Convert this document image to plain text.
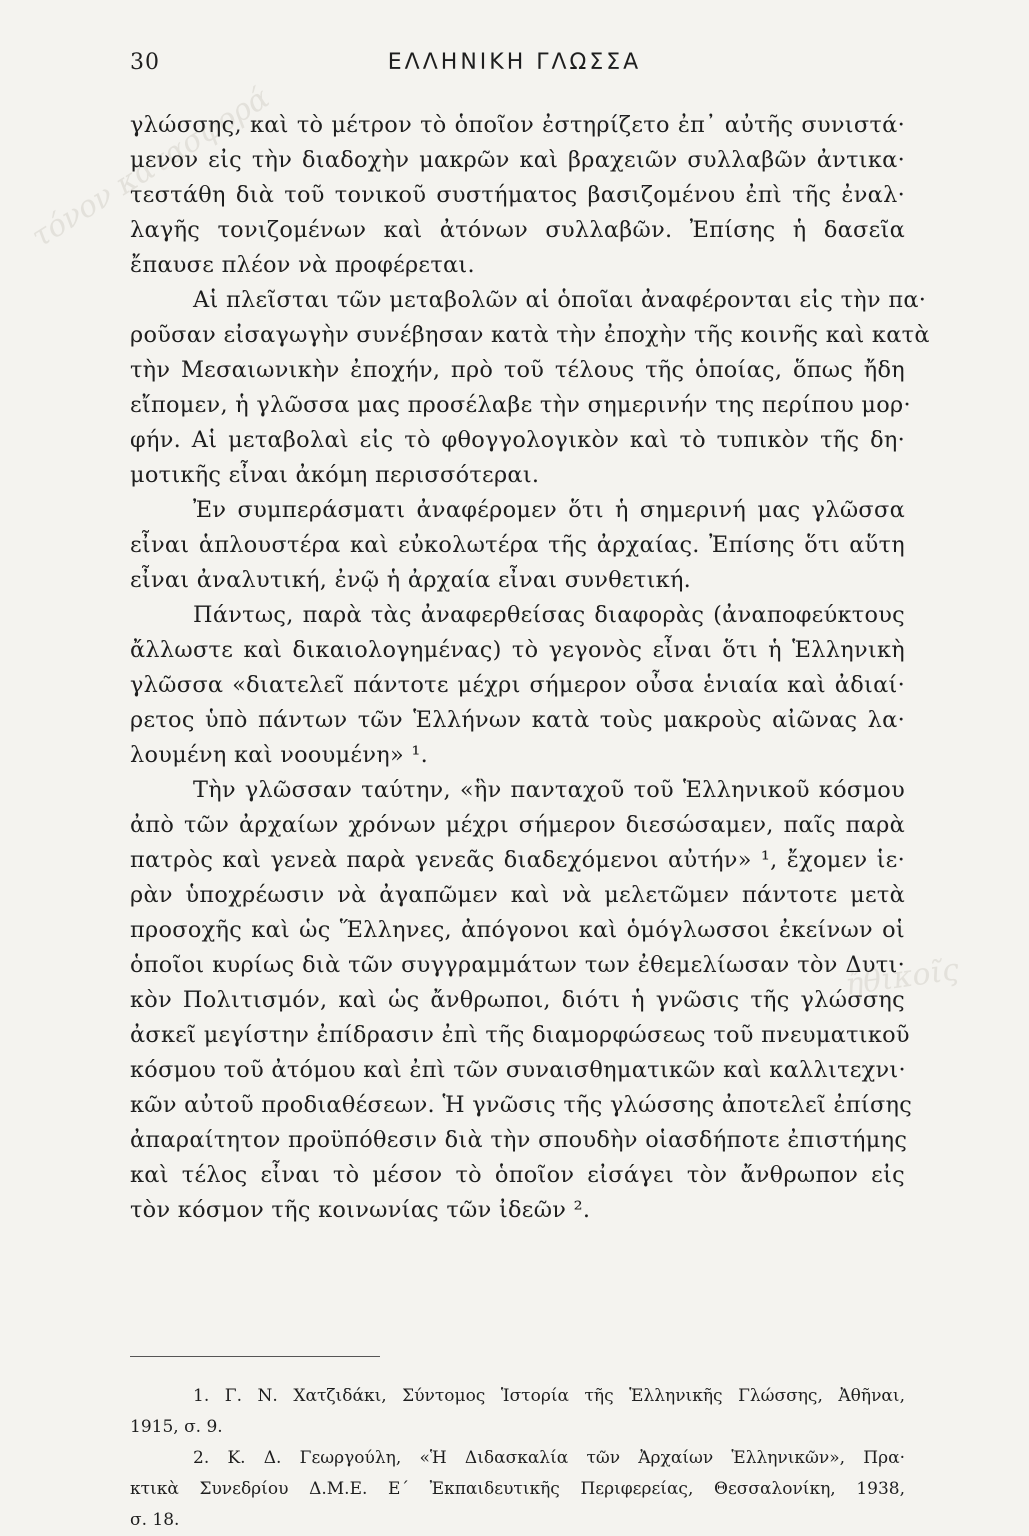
30	ΕΛΛΗΝΙΚΗ ΓΛΩΣΣΑ
τόνον κατασφορά
ἤθικοῖς
γλώσσης, καὶ τὸ μέτρον τὸ ὁποῖον ἐστηρίζετο ἐπ᾽ αὐτῆς συνιστά·
μενον εἰς τὴν διαδοχὴν μακρῶν καὶ βραχειῶν συλλαβῶν ἀντικα·
τεστάθη διὰ τοῦ τονικοῦ συστήματος βασιζομένου ἐπὶ τῆς ἐναλ·
λαγῆς τονιζομένων καὶ ἀτόνων συλλαβῶν. Ἐπίσης ἡ δασεῖα
ἔπαυσε πλέον νὰ προφέρεται.
Αἱ πλεῖσται τῶν μεταβολῶν αἱ ὁποῖαι ἀναφέρονται εἰς τὴν πα·
ροῦσαν εἰσαγωγὴν συνέβησαν κατὰ τὴν ἐποχὴν τῆς κοινῆς καὶ κατὰ
τὴν Μεσαιωνικὴν ἐποχήν, πρὸ τοῦ τέλους τῆς ὁποίας, ὅπως ἤδη
εἴπομεν, ἡ γλῶσσα μας προσέλαβε τὴν σημερινήν της περίπου μορ·
φήν. Αἱ μεταβολαὶ εἰς τὸ φθογγολογικὸν καὶ τὸ τυπικὸν τῆς δη·
μοτικῆς εἶναι ἀκόμη περισσότεραι.
Ἐν συμπεράσματι ἀναφέρομεν ὅτι ἡ σημερινή μας γλῶσσα
εἶναι ἁπλουστέρα καὶ εὐκολωτέρα τῆς ἀρχαίας. Ἐπίσης ὅτι αὕτη
εἶναι ἀναλυτική, ἐνῷ ἡ ἀρχαία εἶναι συνθετική.
Πάντως, παρὰ τὰς ἀναφερθείσας διαφορὰς (ἀναποφεύκτους
ἄλλωστε καὶ δικαιολογημένας) τὸ γεγονὸς εἶναι ὅτι ἡ Ἑλληνικὴ
γλῶσσα «διατελεῖ πάντοτε μέχρι σήμερον οὖσα ἑνιαία καὶ ἀδιαί·
ρετος ὑπὸ πάντων τῶν Ἑλλήνων κατὰ τοὺς μακροὺς αἰῶνας λα·
λουμένη καὶ νοουμένη» ¹.
Τὴν γλῶσσαν ταύτην, «ἣν πανταχοῦ τοῦ Ἑλληνικοῦ κόσμου
ἀπὸ τῶν ἀρχαίων χρόνων μέχρι σήμερον διεσώσαμεν, παῖς παρὰ
πατρὸς καὶ γενεὰ παρὰ γενεᾶς διαδεχόμενοι αὐτήν» ¹, ἔχομεν ἱε·
ρὰν ὑποχρέωσιν νὰ ἀγαπῶμεν καὶ νὰ μελετῶμεν πάντοτε μετὰ
προσοχῆς καὶ ὡς Ἕλληνες, ἀπόγονοι καὶ ὁμόγλωσσοι ἐκείνων οἱ
ὁποῖοι κυρίως διὰ τῶν συγγραμμάτων των ἐθεμελίωσαν τὸν Δυτι·
κὸν Πολιτισμόν, καὶ ὡς ἄνθρωποι, διότι ἡ γνῶσις τῆς γλώσσης
ἀσκεῖ μεγίστην ἐπίδρασιν ἐπὶ τῆς διαμορφώσεως τοῦ πνευματικοῦ
κόσμου τοῦ ἀτόμου καὶ ἐπὶ τῶν συναισθηματικῶν καὶ καλλιτεχνι·
κῶν αὐτοῦ προδιαθέσεων. Ἡ γνῶσις τῆς γλώσσης ἀποτελεῖ ἐπίσης
ἀπαραίτητον προϋπόθεσιν διὰ τὴν σπουδὴν οἱασδήποτε ἐπιστήμης
καὶ τέλος εἶναι τὸ μέσον τὸ ὁποῖον εἰσάγει τὸν ἄνθρωπον εἰς
τὸν κόσμον τῆς κοινωνίας τῶν ἰδεῶν ².
1. Γ. Ν. Χατζιδάκι, Σύντομος Ἱστορία τῆς Ἑλληνικῆς Γλώσσης, Ἀθῆναι,
1915, σ. 9.
2. Κ. Δ. Γεωργούλη, «Ἡ Διδασκαλία τῶν Ἀρχαίων Ἑλληνικῶν», Πρα·
κτικὰ Συνεδρίου Δ.Μ.Ε. Ε΄ Ἐκπαιδευτικῆς Περιφερείας, Θεσσαλονίκη, 1938,
σ. 18.
